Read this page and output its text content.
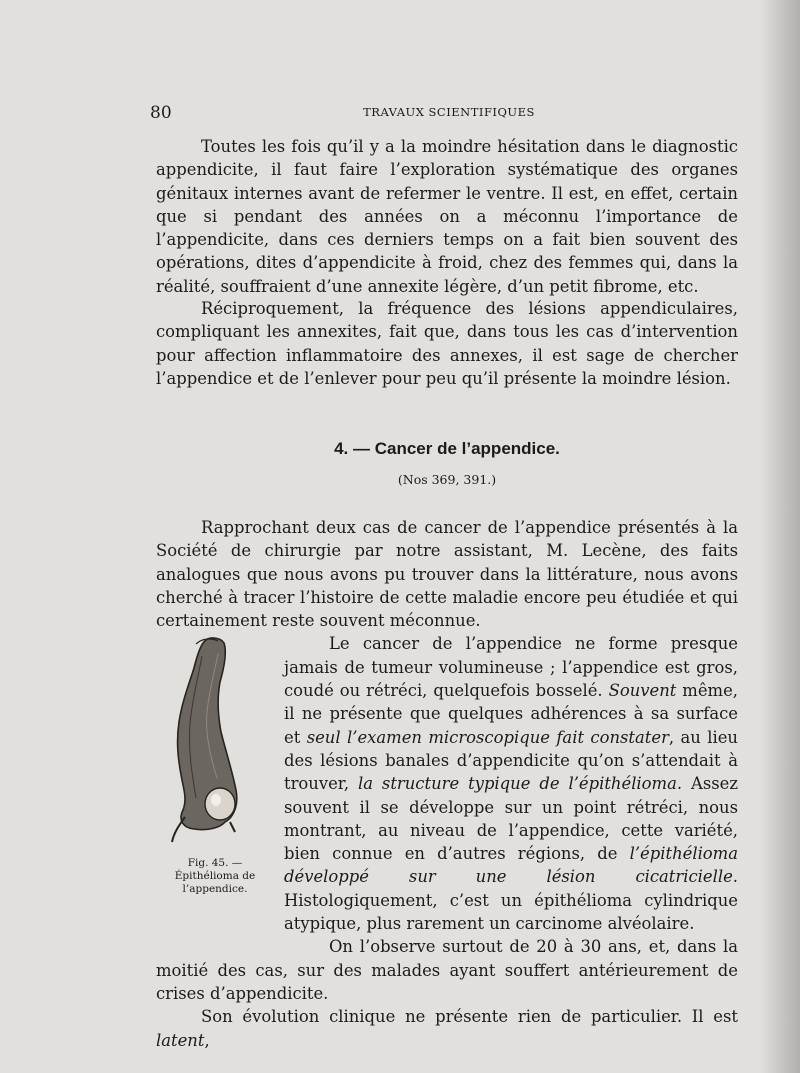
80	TRAVAUX SCIENTIFIQUES

Toutes les fois qu’il y a la moindre hésitation dans le diagnostic appendicite, il faut faire l’exploration systématique des organes génitaux internes avant de refermer le ventre. Il est, en effet, certain que si pendant des années on a méconnu l’importance de l’appendicite, dans ces derniers temps on a fait bien souvent des opérations, dites d’appendicite à froid, chez des femmes qui, dans la réalité, souffraient d’une annexite légère, d’un petit fibrome, etc.

Réciproquement, la fréquence des lésions appendiculaires, compliquant les annexites, fait que, dans tous les cas d’intervention pour affection inflammatoire des annexes, il est sage de chercher l’appendice et de l’enlever pour peu qu’il présente la moindre lésion.

4. — Cancer de l’appendice.
(Nos 369, 391.)

Rapprochant deux cas de cancer de l’appendice présentés à la Société de chirurgie par notre assistant, M. Lecène, des faits analogues que nous avons pu trouver dans la littérature, nous avons cherché à tracer l’histoire de cette maladie encore peu étudiée et qui certainement reste souvent méconnue.

Fig. 45. — Épithélioma de l’appendice.

Le cancer de l’appendice ne forme presque jamais de tumeur volumineuse ; l’appendice est gros, coudé ou rétréci, quelquefois bosselé. Souvent même, il ne présente que quelques adhérences à sa surface et seul l’examen microscopique fait constater, au lieu des lésions banales d’appendicite qu’on s’attendait à trouver, la structure typique de l’épithélioma. Assez souvent il se développe sur un point rétréci, nous montrant, au niveau de l’appendice, cette variété, bien connue en d’autres régions, de l’épithélioma développé sur une lésion cicatricielle. Histologiquement, c’est un épithélioma cylindrique atypique, plus rarement un carcinome alvéolaire.

On l’observe surtout de 20 à 30 ans, et, dans la moitié des cas, sur des malades ayant souffert antérieurement de crises d’appendicite.

Son évolution clinique ne présente rien de particulier. Il est latent,
